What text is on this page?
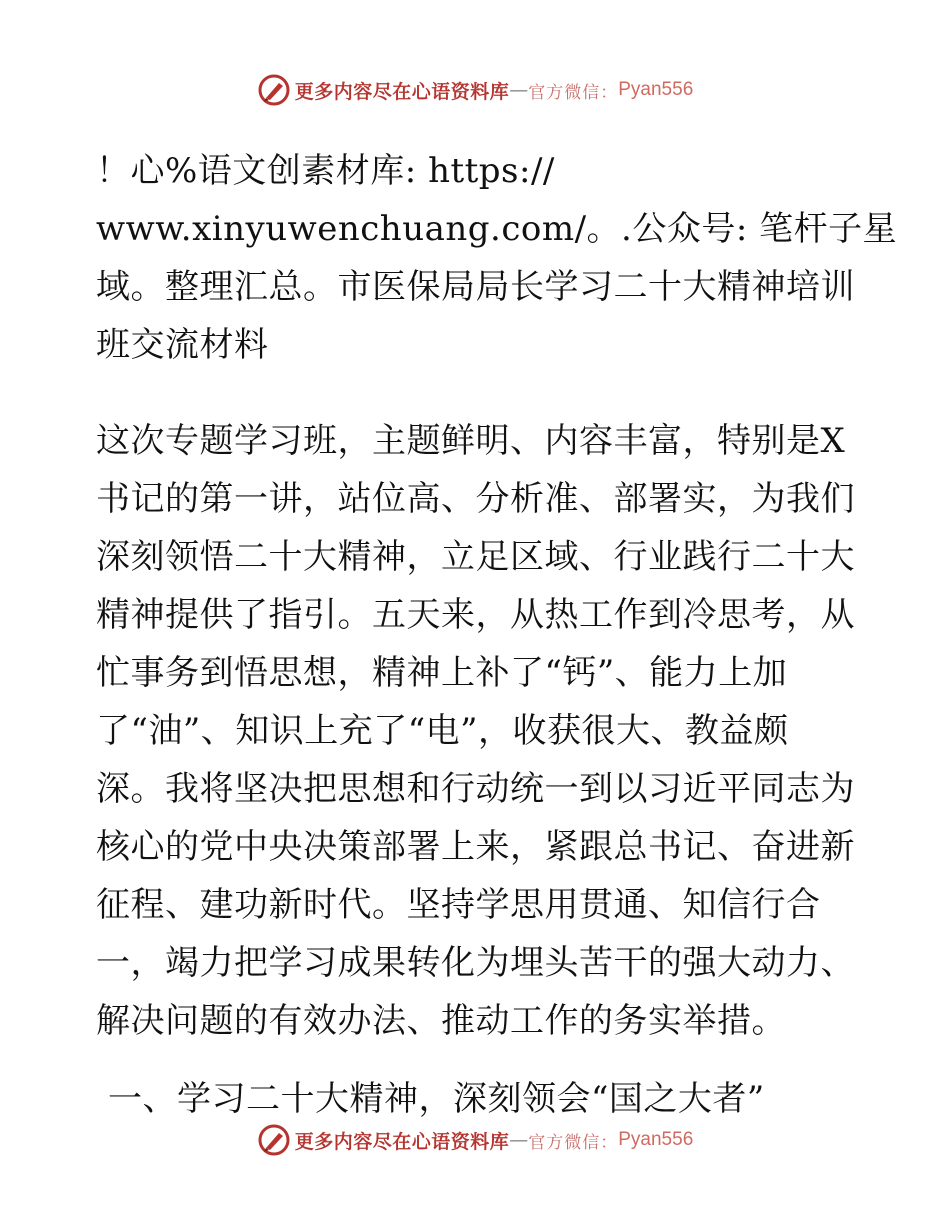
更多内容尽在心语资料库 — 官方微信： Pyan556

！心%语文创素材库: https://
www.xinyuwenchuang.com/。.公众号: 笔杆子星
域。整理汇总。市医保局局长学习二十大精神培训
班交流材料

这次专题学习班，主题鲜明、内容丰富，特别是X
书记的第一讲，站位高、分析准、部署实，为我们
深刻领悟二十大精神，立足区域、行业践行二十大
精神提供了指引。五天来，从热工作到冷思考，从
忙事务到悟思想，精神上补了“钙”、能力上加
了“油”、知识上充了“电”，收获很大、教益颇
深。我将坚决把思想和行动统一到以习近平同志为
核心的党中央决策部署上来，紧跟总书记、奋进新
征程、建功新时代。坚持学思用贯通、知信行合
一，竭力把学习成果转化为埋头苦干的强大动力、
解决问题的有效办法、推动工作的务实举措。

一、学习二十大精神，深刻领会“国之大者”
更多内容尽在心语资料库 — 官方微信： Pyan556
